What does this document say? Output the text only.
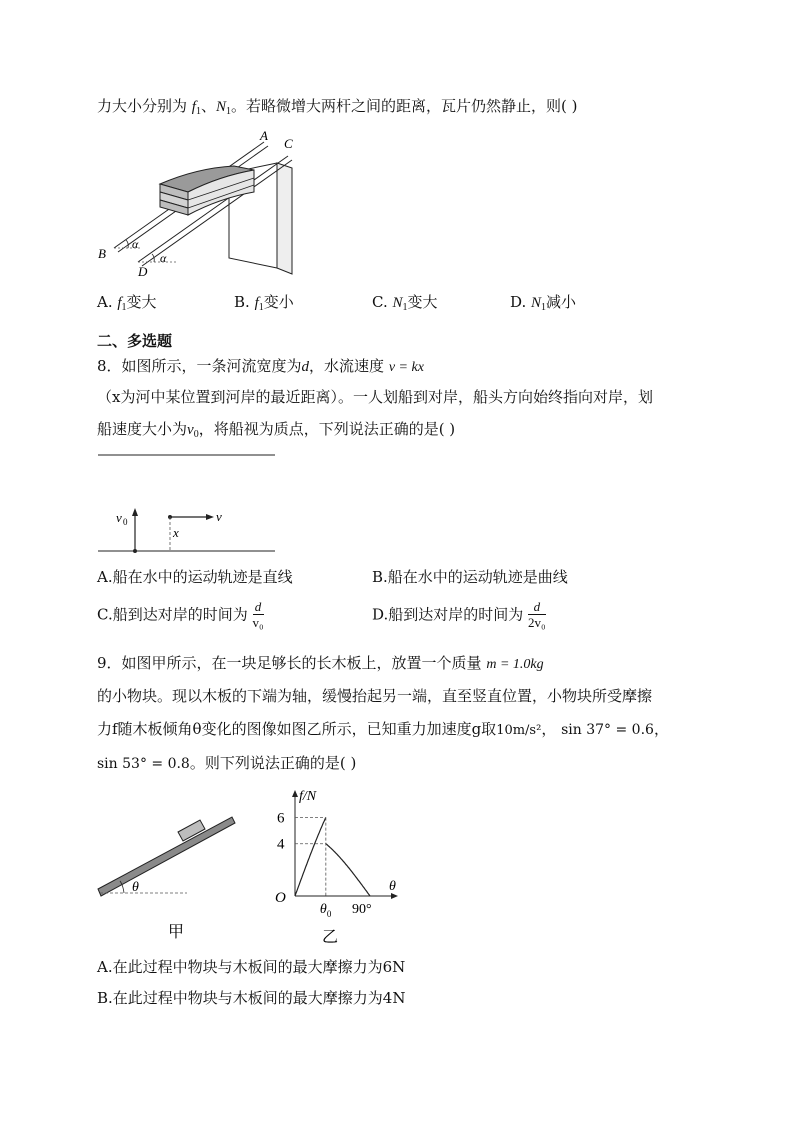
力大小分别为 $f_1$、$N_1$。若略微增大两杆之间的距离，瓦片仍然静止，则( )
A
C
B
D
α
α
A. $f_1$变大	B. $f_1$变小	C. $N_1$变大	D. $N_1$减小
二、多选题
8．如图所示，一条河流宽度为d，水流速度 v = kx
（x为河中某位置到河岸的最近距离）。一人划船到对岸，船头方向始终指向对岸，划
船速度大小为$v_0$，将船视为质点，下列说法正确的是( )
v 0	v
x
A.船在水中的运动轨迹是直线	B.船在水中的运动轨迹是曲线
C.船到达对岸的时间为 $\frac{d}{\text{v₀}}$	D.船到达对岸的时间为 $\frac{d}{\text{2v₀}}$
9．如图甲所示，在一块足够长的长木板上，放置一个质量 m = 1.0kg
的小物块。现以木板的下端为轴，缓慢抬起另一端，直至竖直位置，小物块所受摩擦
力f随木板倾角θ变化的图像如图乙所示，已知重力加速度g取10m/s²， sin 37° = 0.6，
sin 53° = 0.8。则下列说法正确的是( )
θ
甲
f/N
6
4
O
θ 0 90°
θ
乙
A.在此过程中物块与木板间的最大摩擦力为6N
B.在此过程中物块与木板间的最大摩擦力为4N
